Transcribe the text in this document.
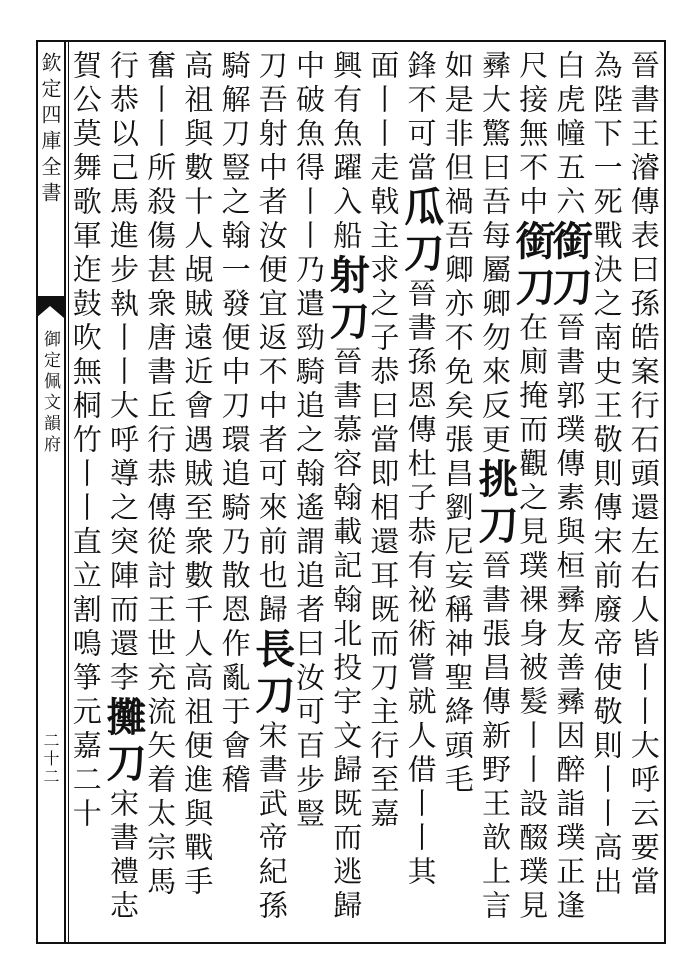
欽定四庫全書
御定佩文韻府
二十二	晉書王濬傳表曰孫皓案行石頭還左右人皆丨丨大呼云要當
為陛下一死戰決之南史王敬則傳宋前廢帝使敬則丨丨高出
白虎幢五六銜刀晉書郭璞傳素與桓彞友善彞因醉詣璞正逢
尺接無不中銜刀在廁掩而觀之見璞裸身被髮丨丨設醊璞見
彞大驚曰吾每屬卿勿來反更挑刀晉書張昌傳新野王歆上言
如是非但禍吾卿亦不免矣張昌劉尼妄稱神聖絳頭毛
鋒不可當瓜刀晉書孫恩傳杜子恭有祕術嘗就人借丨丨其
面丨丨走戟主求之子恭曰當即相還耳既而刀主行至嘉
興有魚躍入船射刀晉書慕容翰載記翰北投宇文歸既而逃歸
中破魚得丨丨乃遣勁騎追之翰遙謂追者曰汝可百步豎
刀吾射中者汝便宜返不中者可來前也歸長刀宋書武帝紀孫
騎解刀豎之翰一發便中刀環追騎乃散恩作亂于會稽
高祖與數十人覘賊遠近會遇賊至衆數千人高祖便進與戰手
奮丨丨所殺傷甚衆唐書丘行恭傳從討王世充流矢着太宗馬
行恭以己馬進步執丨丨大呼導之突陣而還李攤刀宋書禮志
賀公莫舞歌軍迮鼓吹無桐竹丨丨直立割鳴箏元嘉二十
